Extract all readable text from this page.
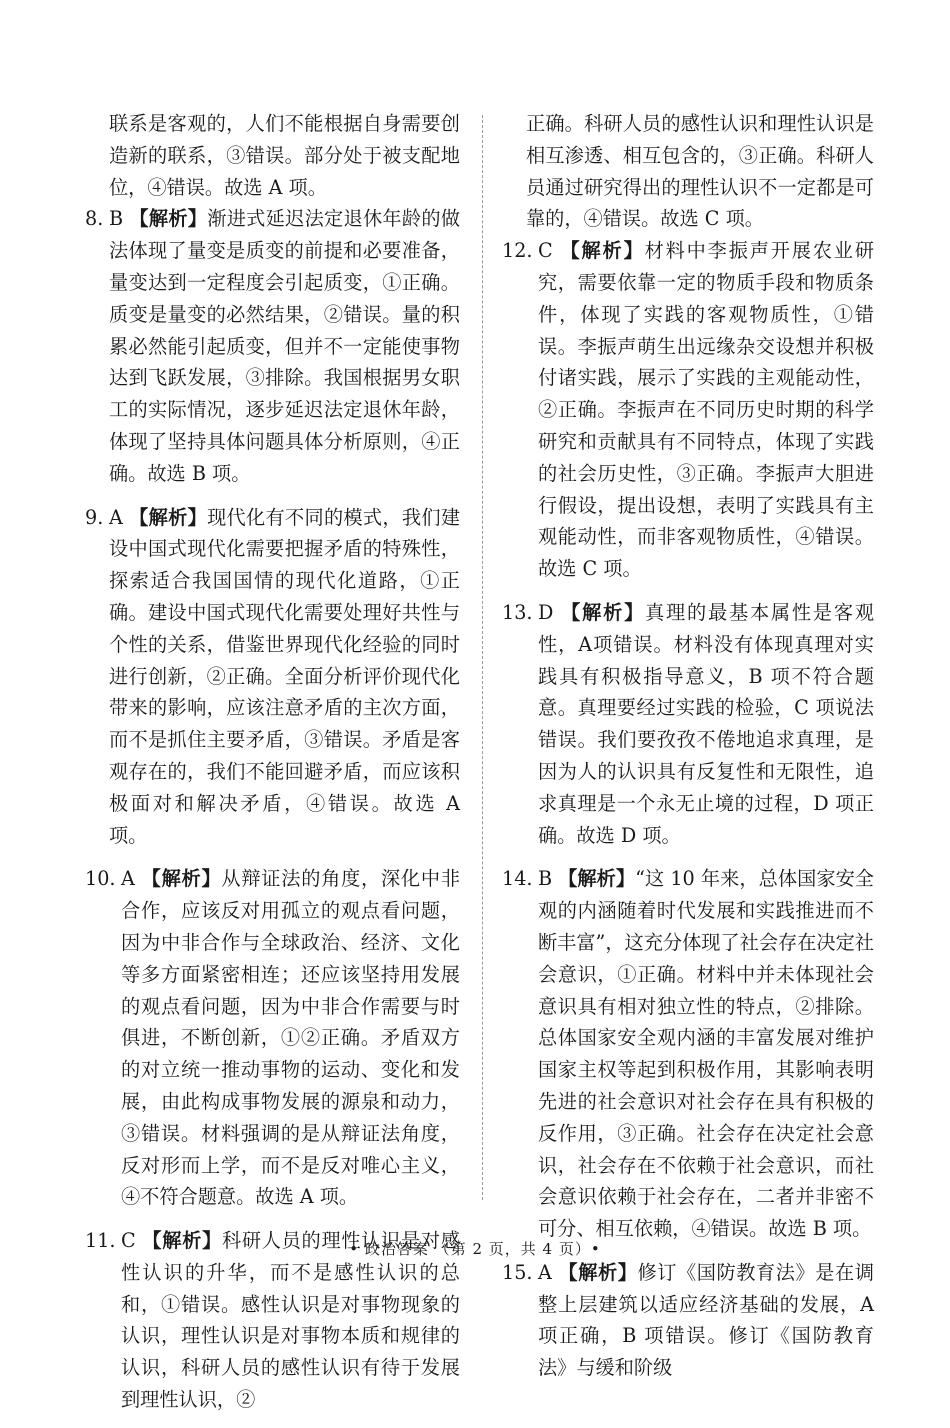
联系是客观的，人们不能根据自身需要创造新的联系，③错误。部分处于被支配地位，④错误。故选 A 项。

8. B 【解析】渐进式延迟法定退休年龄的做法体现了量变是质变的前提和必要准备，量变达到一定程度会引起质变，①正确。质变是量变的必然结果，②错误。量的积累必然能引起质变，但并不一定能使事物达到飞跃发展，③排除。我国根据男女职工的实际情况，逐步延迟法定退休年龄，体现了坚持具体问题具体分析原则，④正确。故选 B 项。
9. A 【解析】现代化有不同的模式，我们建设中国式现代化需要把握矛盾的特殊性，探索适合我国国情的现代化道路，①正确。建设中国式现代化需要处理好共性与个性的关系，借鉴世界现代化经验的同时进行创新，②正确。全面分析评价现代化带来的影响，应该注意矛盾的主次方面，而不是抓住主要矛盾，③错误。矛盾是客观存在的，我们不能回避矛盾，而应该积极面对和解决矛盾，④错误。故选 A 项。
10. A 【解析】从辩证法的角度，深化中非合作，应该反对用孤立的观点看问题，因为中非合作与全球政治、经济、文化等多方面紧密相连；还应该坚持用发展的观点看问题，因为中非合作需要与时俱进，不断创新，①②正确。矛盾双方的对立统一推动事物的运动、变化和发展，由此构成事物发展的源泉和动力，③错误。材料强调的是从辩证法角度，反对形而上学，而不是反对唯心主义，④不符合题意。故选 A 项。
11. C 【解析】科研人员的理性认识是对感性认识的升华，而不是感性认识的总和，①错误。感性认识是对事物现象的认识，理性认识是对事物本质和规律的认识，科研人员的感性认识有待于发展到理性认识，②

正确。科研人员的感性认识和理性认识是相互渗透、相互包含的，③正确。科研人员通过研究得出的理性认识不一定都是可靠的，④错误。故选 C 项。

12. C 【解析】材料中李振声开展农业研究，需要依靠一定的物质手段和物质条件，体现了实践的客观物质性，①错误。李振声萌生出远缘杂交设想并积极付诸实践，展示了实践的主观能动性，②正确。李振声在不同历史时期的科学研究和贡献具有不同特点，体现了实践的社会历史性，③正确。李振声大胆进行假设，提出设想，表明了实践具有主观能动性，而非客观物质性，④错误。故选 C 项。
13. D 【解析】真理的最基本属性是客观性，A项错误。材料没有体现真理对实践具有积极指导意义，B 项不符合题意。真理要经过实践的检验，C 项说法错误。我们要孜孜不倦地追求真理，是因为人的认识具有反复性和无限性，追求真理是一个永无止境的过程，D 项正确。故选 D 项。
14. B 【解析】“这 10 年来，总体国家安全观的内涵随着时代发展和实践推进而不断丰富”，这充分体现了社会存在决定社会意识，①正确。材料中并未体现社会意识具有相对独立性的特点，②排除。总体国家安全观内涵的丰富发展对维护国家主权等起到积极作用，其影响表明先进的社会意识对社会存在具有积极的反作用，③正确。社会存在决定社会意识，社会存在不依赖于社会意识，而社会意识依赖于社会存在，二者并非密不可分、相互依赖，④错误。故选 B 项。
15. A 【解析】修订《国防教育法》是在调整上层建筑以适应经济基础的发展，A 项正确，B 项错误。修订《国防教育法》与缓和阶级
• 政治答案 （第 2 页，共 4 页）•
